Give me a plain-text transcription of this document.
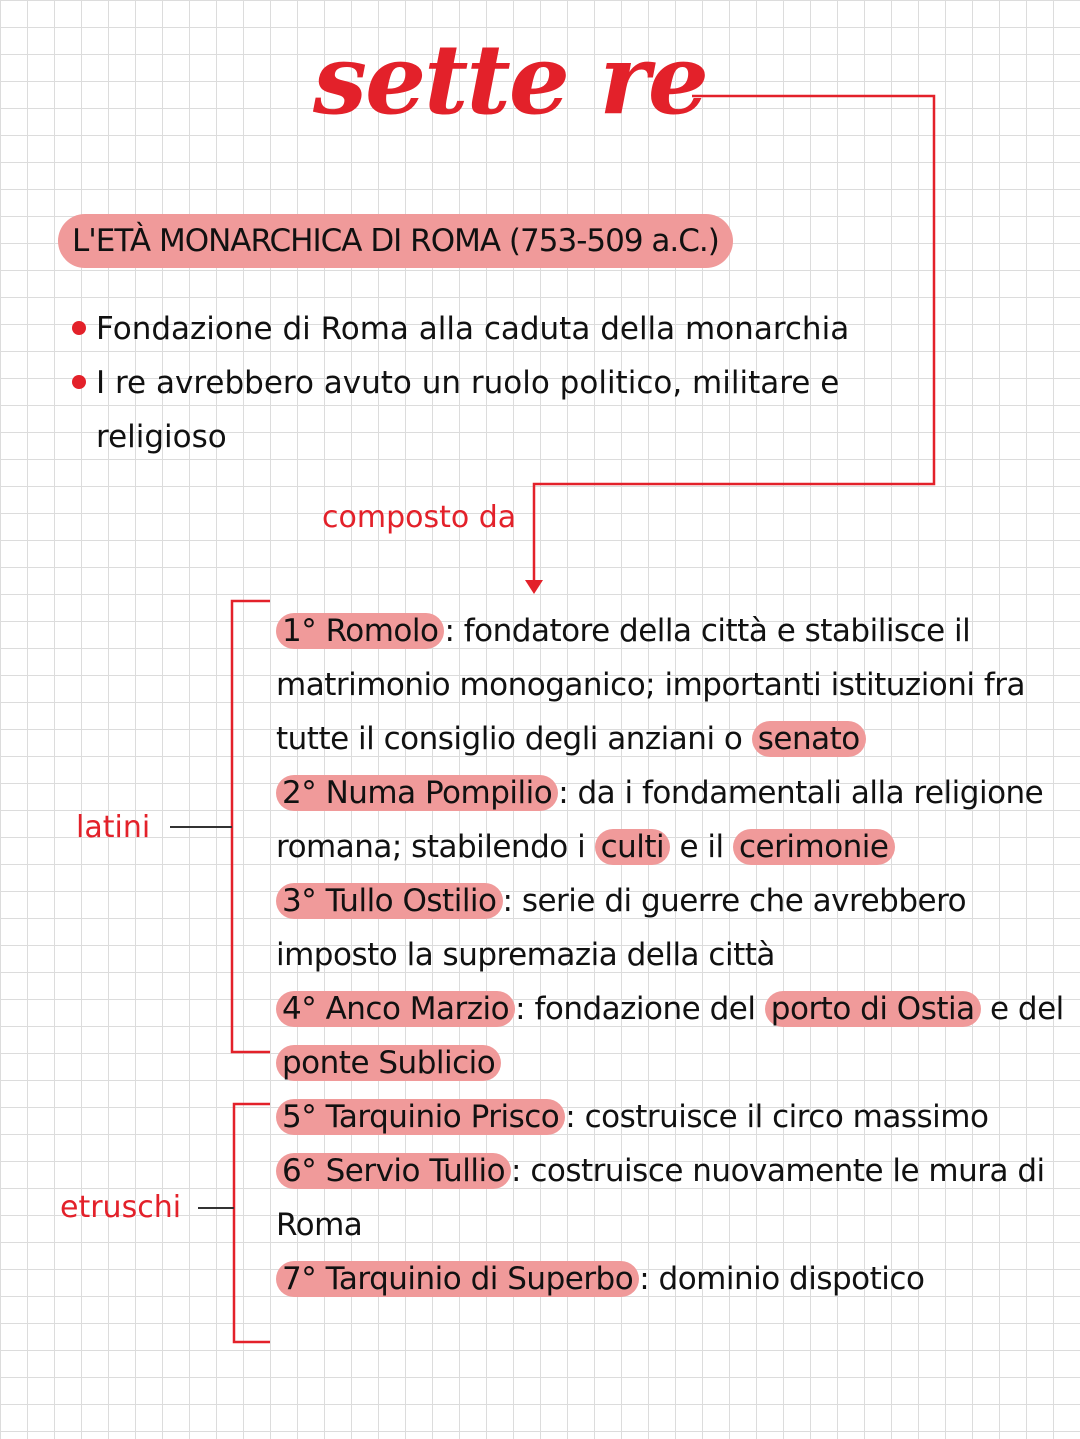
sette re
L'ETÀ MONARCHICA DI ROMA (753-509 a.C.)
Fondazione di Roma alla caduta della monarchia
I re avrebbero avuto un ruolo politico, militare e religioso
composto da
latini
etruschi

1° Romolo : fondatore della città e stabilisce il matrimonio monoganico; importanti istituzioni fra tutte il consiglio degli anziani o senato

2° Numa Pompilio : da i fondamentali alla religione romana; stabilendo i culti e il cerimonie

3° Tullo Ostilio : serie di guerre che avrebbero imposto la supremazia della città

4° Anco Marzio : fondazione del porto di Ostia e del ponte Sublicio

5° Tarquinio Prisco : costruisce il circo massimo

6° Servio Tullio : costruisce nuovamente le mura di Roma

7° Tarquinio di Superbo : dominio dispotico
